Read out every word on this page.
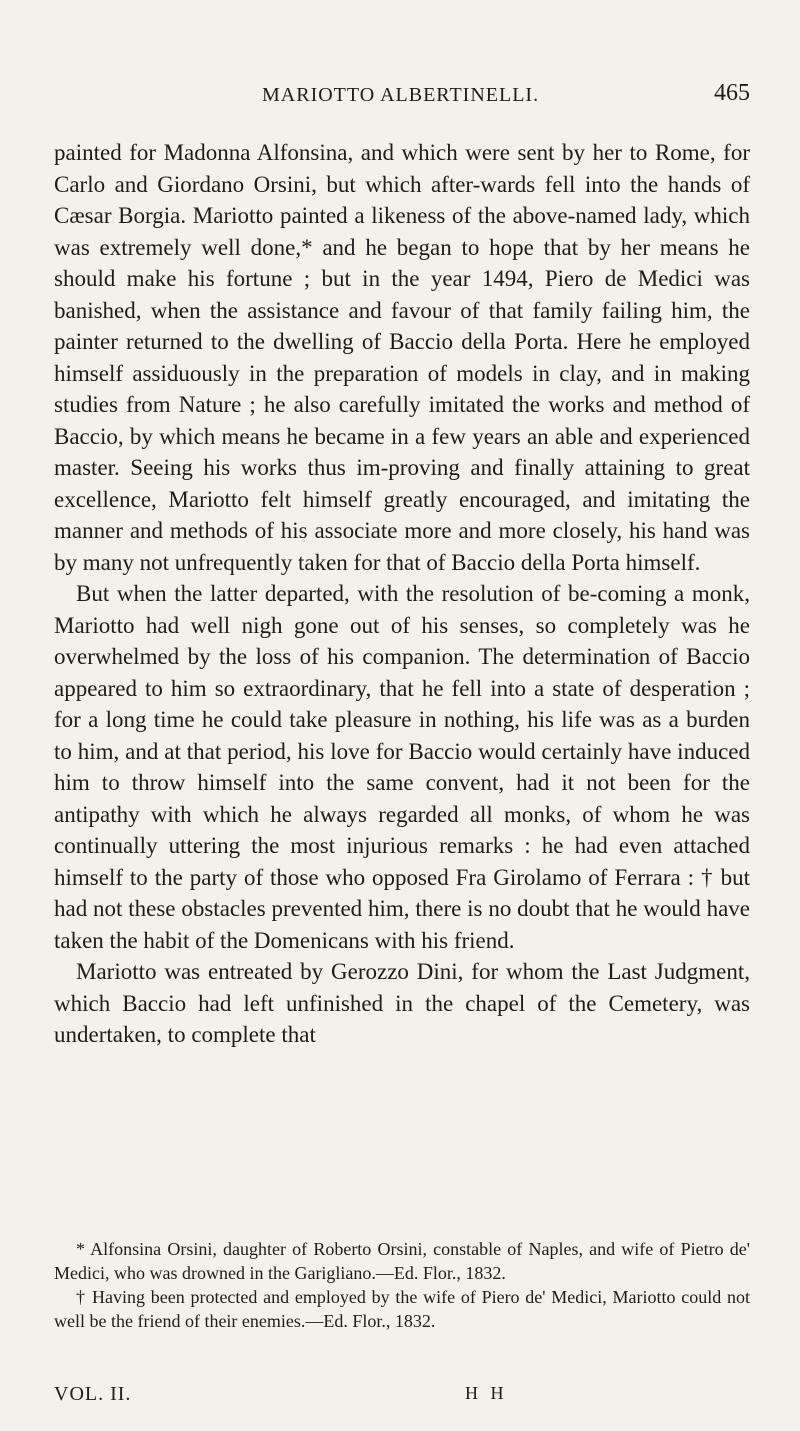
MARIOTTO ALBERTINELLI.	465

painted for Madonna Alfonsina, and which were sent by her to Rome, for Carlo and Giordano Orsini, but which after-wards fell into the hands of Cæsar Borgia. Mariotto painted a likeness of the above-named lady, which was extremely well done,* and he began to hope that by her means he should make his fortune ; but in the year 1494, Piero de Medici was banished, when the assistance and favour of that family failing him, the painter returned to the dwelling of Baccio della Porta. Here he employed himself assiduously in the preparation of models in clay, and in making studies from Nature ; he also carefully imitated the works and method of Baccio, by which means he became in a few years an able and experienced master. Seeing his works thus im-proving and finally attaining to great excellence, Mariotto felt himself greatly encouraged, and imitating the manner and methods of his associate more and more closely, his hand was by many not unfrequently taken for that of Baccio della Porta himself.

But when the latter departed, with the resolution of be-coming a monk, Mariotto had well nigh gone out of his senses, so completely was he overwhelmed by the loss of his companion. The determination of Baccio appeared to him so extraordinary, that he fell into a state of desperation ; for a long time he could take pleasure in nothing, his life was as a burden to him, and at that period, his love for Baccio would certainly have induced him to throw himself into the same convent, had it not been for the antipathy with which he always regarded all monks, of whom he was continually uttering the most injurious remarks : he had even attached himself to the party of those who opposed Fra Girolamo of Ferrara : † but had not these obstacles prevented him, there is no doubt that he would have taken the habit of the Domenicans with his friend.

Mariotto was entreated by Gerozzo Dini, for whom the Last Judgment, which Baccio had left unfinished in the chapel of the Cemetery, was undertaken, to complete that

* Alfonsina Orsini, daughter of Roberto Orsini, constable of Naples, and wife of Pietro de' Medici, who was drowned in the Garigliano.—Ed. Flor., 1832.

† Having been protected and employed by the wife of Piero de' Medici, Mariotto could not well be the friend of their enemies.—Ed. Flor., 1832.

VOL. II.	H H
